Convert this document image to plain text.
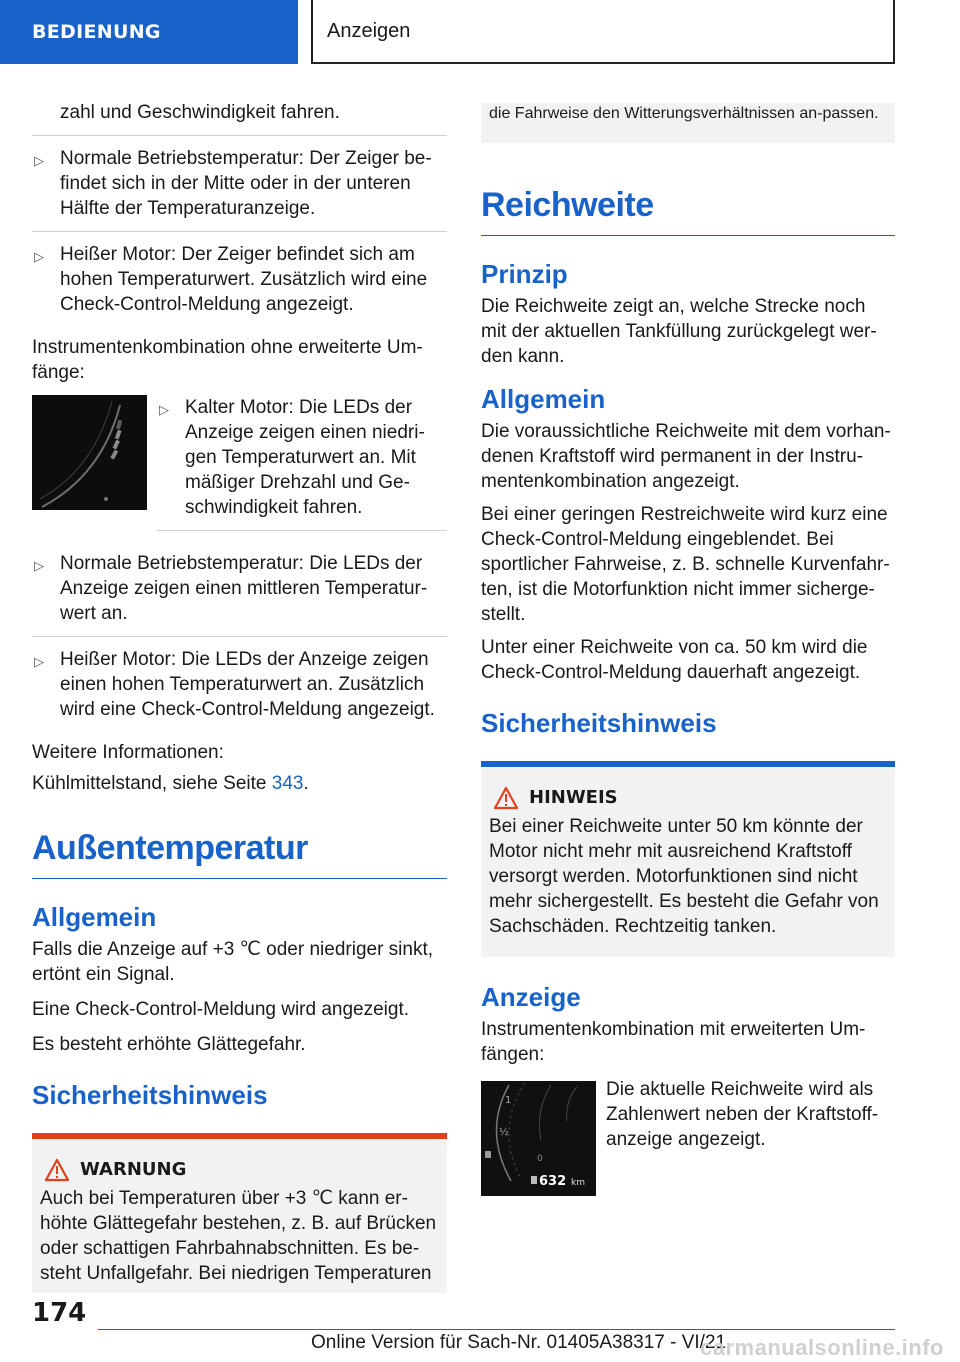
BEDIENUNG	Anzeigen
zahl und Geschwindigkeit fahren.
▷ Normale Betriebstemperatur: Der Zeiger be-findet sich in der Mitte oder in der unteren Hälfte der Temperaturanzeige.
▷ Heißer Motor: Der Zeiger befindet sich am hohen Temperaturwert. Zusätzlich wird eine Check-Control-Meldung angezeigt.

Instrumentenkombination ohne erweiterte Um-fänge:

▷ Kalter Motor: Die LEDs der Anzeige zeigen einen niedri-gen Temperaturwert an. Mit mäßiger Drehzahl und Ge-schwindigkeit fahren.
▷ Normale Betriebstemperatur: Die LEDs der Anzeige zeigen einen mittleren Temperatur-wert an.
▷ Heißer Motor: Die LEDs der Anzeige zeigen einen hohen Temperaturwert an. Zusätzlich wird eine Check-Control-Meldung angezeigt.

Weitere Informationen:

Kühlmittelstand, siehe Seite 343.

Außentemperatur
Allgemein

Falls die Anzeige auf +3 ℃ oder niedriger sinkt, ertönt ein Signal.

Eine Check-Control-Meldung wird angezeigt.

Es besteht erhöhte Glättegefahr.

Sicherheitshinweis
WARNUNG
Auch bei Temperaturen über +3 ℃ kann er-höhte Glättegefahr bestehen, z. B. auf Brücken oder schattigen Fahrbahnabschnitten. Es be-steht Unfallgefahr. Bei niedrigen Temperaturen
die Fahrweise den Witterungsverhältnissen an-passen.
Reichweite
Prinzip

Die Reichweite zeigt an, welche Strecke noch mit der aktuellen Tankfüllung zurückgelegt wer-den kann.

Allgemein

Die voraussichtliche Reichweite mit dem vorhan-denen Kraftstoff wird permanent in der Instru-mentenkombination angezeigt.

Bei einer geringen Restreichweite wird kurz eine Check-Control-Meldung eingeblendet. Bei sportlicher Fahrweise, z. B. schnelle Kurvenfahr-ten, ist die Motorfunktion nicht immer sicherge-stellt.

Unter einer Reichweite von ca. 50 km wird die Check-Control-Meldung dauerhaft angezeigt.

Sicherheitshinweis
HINWEIS
Bei einer Reichweite unter 50 km könnte der Motor nicht mehr mit ausreichend Kraftstoff versorgt werden. Motorfunktionen sind nicht mehr sichergestellt. Es besteht die Gefahr von Sachschäden. Rechtzeitig tanken.
Anzeige

Instrumentenkombination mit erweiterten Um-fängen:

1
½
0
632 km

Die aktuelle Reichweite wird als Zahlenwert neben der Kraftstoff-anzeige angezeigt.

174
Online Version für Sach-Nr. 01405A38317 - VI/21
carmanualsonline.info
